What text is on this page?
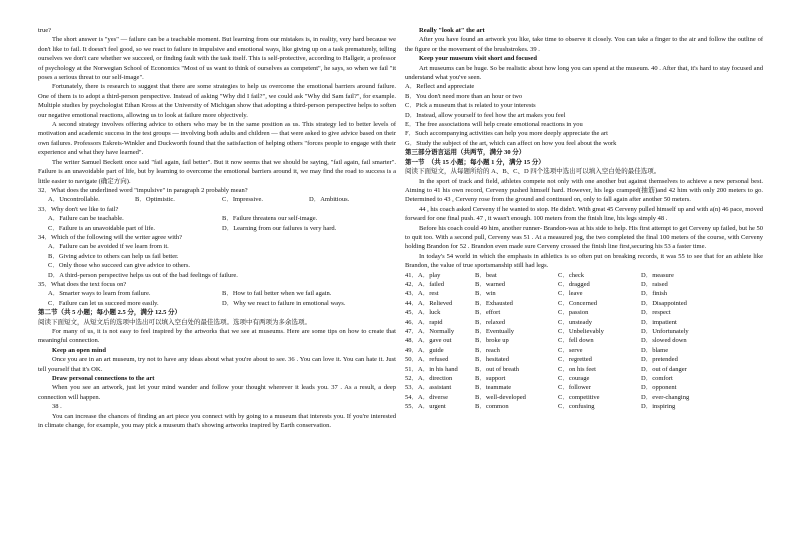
true?

The short answer is "yes" — failure can be a teachable moment. But learning from our mistakes is, in reality, very hard because we don't like to fail. It doesn't feel good, so we react to failure in impulsive and emotional ways, like giving up on a task prematurely, telling ourselves we don't care whether we succeed, or finding fault with the task itself. This is self-protective, according to Hallgeir, a professor of psychology at the Norwegian School of Economics "Most of us want to think of ourselves as competent", he says, so when we fail "it poses a serious threat to our self-image".

Fortunately, there is research to suggest that there are some strategies to help us overcome the emotional barriers around failure. One of them is to adopt a third-person perspective. Instead of asking "Why did I fail?", we could ask "Why did Sam fail?", for example. Multiple studies by psychologist Ethan Kross at the University of Michigan show that adopting a third-person perspective helps to soften our negative emotional reactions, allowing us to look at failure more objectively.

A second strategy involves offering advice to others who may be in the same position as us. This strategy led to better levels of motivation and academic success in the test groups — involving both adults and children — that were asked to give advice based on their own failures. Professors Eskreis-Winkler and Duckworth found that the satisfaction of helping others "forces people to engage with their experience and what they have learned".

The writer Samuel Beckett once said "fail again, fail better". But it now seems that we should be saying, "fail again, fail smarter". Failure is an unavoidable part of life, but by learning to overcome the emotional barriers around it, we may find the road to success is a little easier to navigate (确定方向).

32．What does the underlined word "impulsive" in paragraph 2 probably mean?

A．Uncontrollable.	B．Optimistic.	C．Impressive.	D．Ambitious.

33．Why don't we like to fail?

A．Failure can be teachable.	B．Failure threatens our self-image.
C．Failure is an unavoidable part of life.	D．Learning from our failures is very hard.

34．Which of the following will the writer agree with?

A．Failure can be avoided if we learn from it.

B．Giving advice to others can help us fail better.

C．Only those who succeed can give advice to others.

D．A third-person perspective helps us out of the bad feelings of failure.

35．What does the text focus on?

A．Smarter ways to learn from failure.	B．How to fail better when we fail again.
C．Failure can let us succeed more easily.	D．Why we react to failure in emotional ways.

第二节（共 5 小题；每小题 2.5 分，满分 12.5 分）

阅读下面短文，从短文后的选项中选出可以填入空白处的最佳选项。选项中有两项为多余选项。

For many of us, it is not easy to feel inspired by the artworks that we see at museums. Here are some tips on how to create that meaningful connection.

Keep an open mind

Once you are in an art museum, try not to have any ideas about what you're about to see. 36 . You can love it. You can hate it. Just tell yourself that it's OK.

Draw personal connections to the art

When you see an artwork, just let your mind wander and follow your thought wherever it leads you. 37 . As a result, a deep connection will happen.

38 .

You can increase the chances of finding an art piece you connect with by going to a museum that interests you. If you're interested in climate change, for example, you may pick a museum that's showing artworks inspired by Earth conservation.

Really "look at" the art

After you have found an artwork you like, take time to observe it closely. You can take a finger to the air and follow the outline of the figure or the movement of the brushstrokes. 39 .

Keep your museum visit short and focused

Art museums can be huge. So be realistic about how long you can spend at the museum. 40 . After that, it's hard to stay focused and understand what you've seen.

A．Reflect and appreciate

B．You don't need more than an hour or two

C．Pick a museum that is related to your interests

D．Instead, allow yourself to feel how the art makes you feel

E．The free associations will help create emotional reactions in you

F．Such accompanying activities can help you more deeply appreciate the art

G．Study the subject of the art, which can affect on how you feel about the work

第三部分语言运用（共两节，满分 30 分）

第一节　（共 15 小题；每小题 1 分，满分 15 分）

阅读下面短文，从每题所给的 A、B、C、D 四个选项中选出可以填入空白处的最佳选项。

In the sport of track and field, athletes compete not only with one another but against themselves to achieve a new personal best. Aiming to 41 his own record, Cerveny pushed himself hard. However, his legs cramped(抽筋)and 42 him with only 200 meters to go. Determined to 43 , Cerveny rose from the ground and continued on, only to fall again after another 50 meters.

44 , his coach asked Cerveny if he wanted to stop. He didn't. With great 45 Cerveny pulled himself up and with a(n) 46 pace, moved forward for one final push. 47 , it wasn't enough. 100 meters from the finish line, his legs simply 48 .

Before his coach could 49 him, another runner- Brandon-was at his side to help. His first attempt to get Cerveny up failed, but he 50 to quit too. With a second pull, Cerveny was 51 . At a measured jog, the two completed the final 100 meters of the course, with Cerveny holding Brandon for 52 . Brandon even made sure Cerveny crossed the finish line first,securing his 53 a faster time.

In today's 54 world in which the emphasis in athletics is so often put on breaking records, it was 55 to see that for an athlete like Brandon, the value of true sportsmanship still had legs.

41．A．play	B．beat	C．check	D．measure
42．A．failed	B．warned	C．dragged	D．raised
43．A．rest	B．win	C．leave	D．finish
44．A．Relieved	B．Exhausted	C．Concerned	D．Disappointed
45．A．luck	B．effort	C．passion	D．respect
46．A．rapid	B．relaxed	C．unsteady	D．impatient
47．A．Normally	B．Eventually	C．Unbelievably	D．Unfortunately
48．A．gave out	B．broke up	C．fell down	D．slowed down
49．A．guide	B．reach	C．serve	D．blame
50．A．refused	B．hesitated	C．regretted	D．pretended
51．A．in his hand	B．out of breath	C．on his feet	D．out of danger
52．A．direction	B．support	C．courage	D．comfort
53．A．assistant	B．teammate	C．follower	D．opponent
54．A．diverse	B．well-developed	C．competitive	D．ever-changing
55．A．urgent	B．common	C．confusing	D．inspiring
